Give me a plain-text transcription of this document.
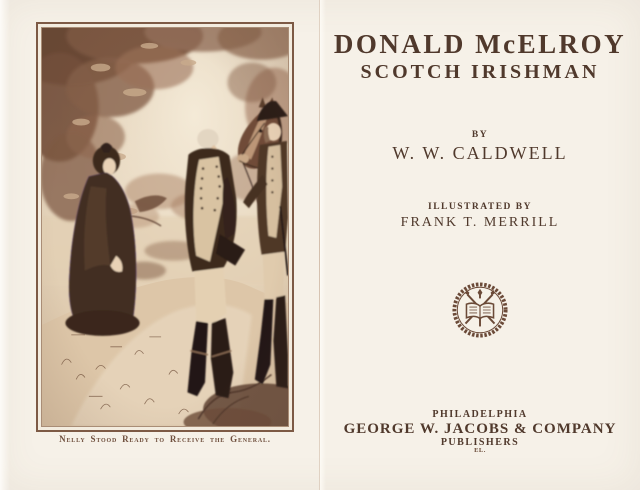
Nelly Stood Ready to Receive the General.
DONALD McELROY
SCOTCH IRISHMAN
BY
W. W. CALDWELL
ILLUSTRATED BY
FRANK T. MERRILL
PHILADELPHIA
GEORGE W. JACOBS & COMPANY
PUBLISHERS
EL.
